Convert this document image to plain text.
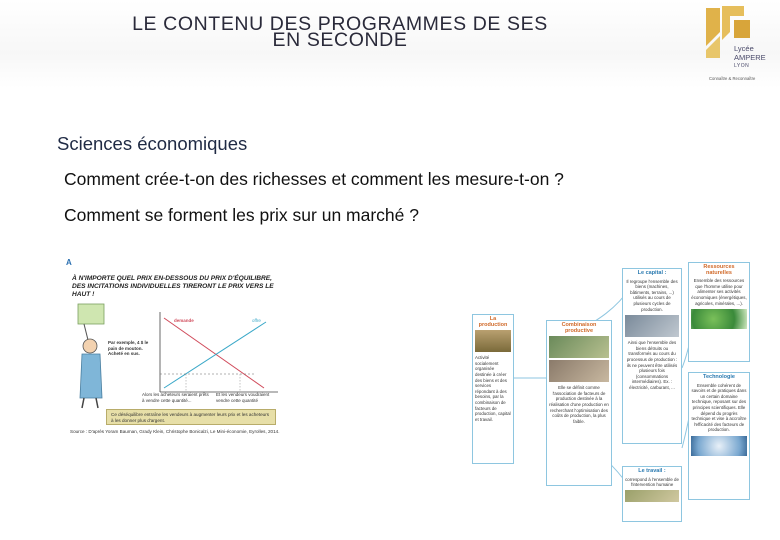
LE CONTENU DES PROGRAMMES DE SES
EN SECONDE	Lycée
AMPERE
LYON
Connaître & Reconnaître
Sciences économiques
Comment crée-t-on des richesses et comment les mesure-t-on ?
Comment se forment les prix sur un marché ?
A
À N'IMPORTE QUEL PRIX EN-DESSOUS DU PRIX D'ÉQUILIBRE, DES INCITATIONS INDIVIDUELLES TIRERONT LE PRIX VERS LE HAUT !
demande	offre
Par exemple, 4 $ le pain de mouton. Acheté en sus.
Alors les acheteurs seraient prêts à vendre cette quantité...
Et les vendeurs voudraient vendre cette quantité
Ce déséquilibre entraîne les vendeurs à augmenter leurs prix et les acheteurs à les donner plus d'argent.
Source : D'après Yoram Bauman, Grady Klein, Christophe Bonicalzi, Le Mini-économie, Eyrolles, 2014.
La production
Activité socialement organisée destinée à créer des biens et des services répondant à des besoins, par la combinaison de facteurs de production, capital et travail.
Combinaison productive
Elle se définit comme l'association de facteurs de production destinée à la réalisation d'une production en recherchant l'optimisation des coûts de production, la plus faible.
Le capital :
Il regroupe l'ensemble des biens (machines, bâtiments, terrains, ...) utilisés au cours de plusieurs cycles de production.
Ainsi que l'ensemble des biens détruits ou transformés au cours du processus de production : ils ne peuvent être utilisés plusieurs fois (consommations intermédiaires). Ex. : électricité, carburant, ...
Ressources naturelles
Ensemble des ressources que l'homme utilise pour alimenter ses activités économiques (énergétiques, agricoles, minérales, ...).
Technologie
Ensemble cohérent de savoirs et de pratiques dans un certain domaine technique, reposant sur des principes scientifiques. Elle dépend du progrès technique et vise à accroître l'efficacité des facteurs de production.
Le travail :
correspond à l'ensemble de l'intervention humaine
